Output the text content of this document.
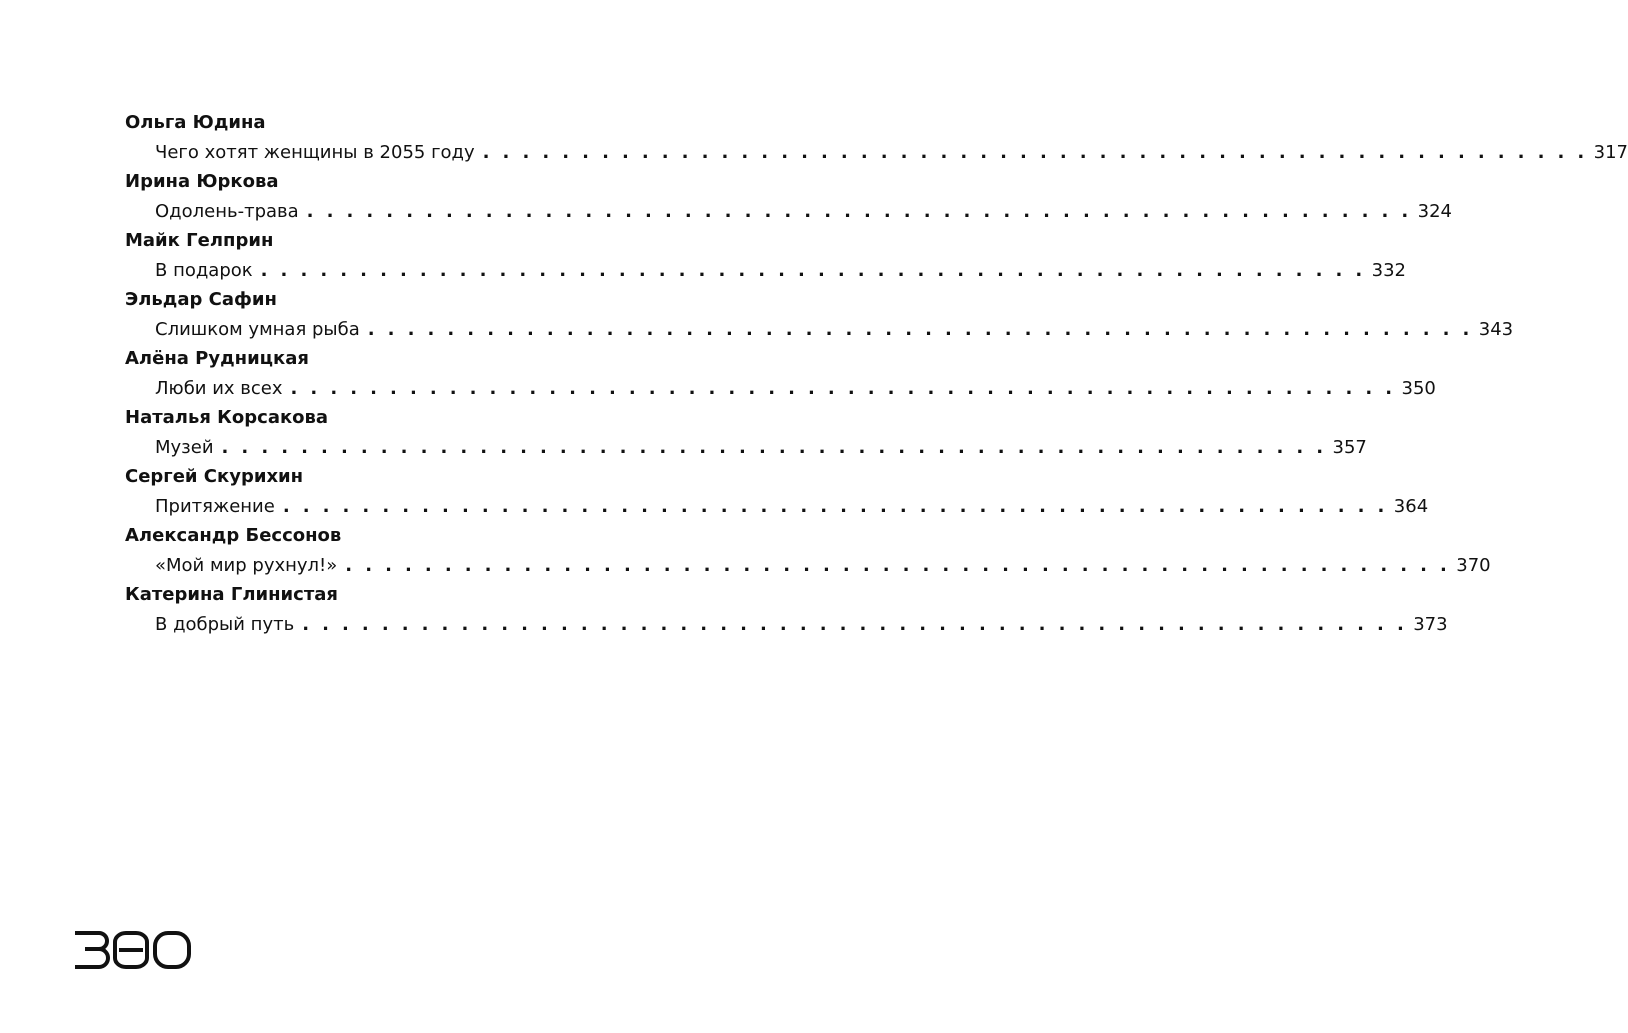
Ольга Юдина
Чего хотят женщины в 2055 году . . . . . . . . . . . . . . . . . . . . . . . . . . . . . . . . . . . . . . . . . . . . . . . . . . . . . . . . 317
Ирина Юркова
Одолень-трава . . . . . . . . . . . . . . . . . . . . . . . . . . . . . . . . . . . . . . . . . . . . . . . . . . . . . . . . 324
Майк Гелприн
В подарок . . . . . . . . . . . . . . . . . . . . . . . . . . . . . . . . . . . . . . . . . . . . . . . . . . . . . . . . 332
Эльдар Сафин
Слишком умная рыба . . . . . . . . . . . . . . . . . . . . . . . . . . . . . . . . . . . . . . . . . . . . . . . . . . . . . . . . 343
Алёна Рудницкая
Люби их всех . . . . . . . . . . . . . . . . . . . . . . . . . . . . . . . . . . . . . . . . . . . . . . . . . . . . . . . . 350
Наталья Корсакова
Музей . . . . . . . . . . . . . . . . . . . . . . . . . . . . . . . . . . . . . . . . . . . . . . . . . . . . . . . . 357
Сергей Скурихин
Притяжение . . . . . . . . . . . . . . . . . . . . . . . . . . . . . . . . . . . . . . . . . . . . . . . . . . . . . . . . 364
Александр Бессонов
«Мой мир рухнул!» . . . . . . . . . . . . . . . . . . . . . . . . . . . . . . . . . . . . . . . . . . . . . . . . . . . . . . . . 370
Катерина Глинистая
В добрый путь . . . . . . . . . . . . . . . . . . . . . . . . . . . . . . . . . . . . . . . . . . . . . . . . . . . . . . . . 373
